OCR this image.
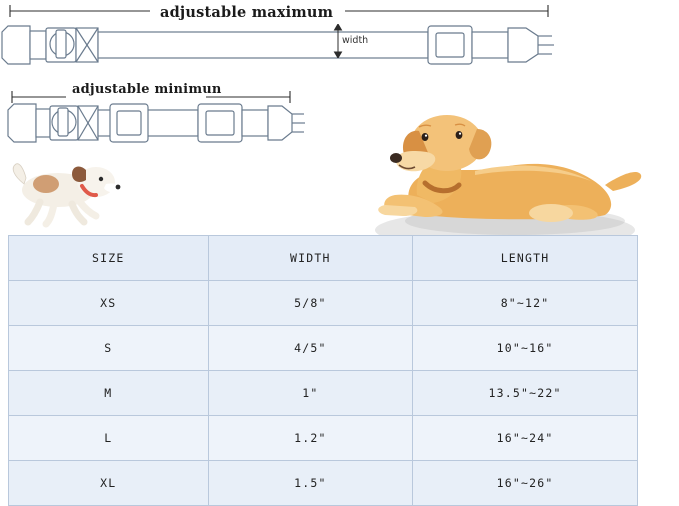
width
adjustable maximum
adjustable minimun
SIZE	WIDTH	LENGTH
XS	5/8"	8"~12"
S	4/5"	10"~16"
M	1"	13.5"~22"
L	1.2"	16"~24"
XL	1.5"	16"~26"
